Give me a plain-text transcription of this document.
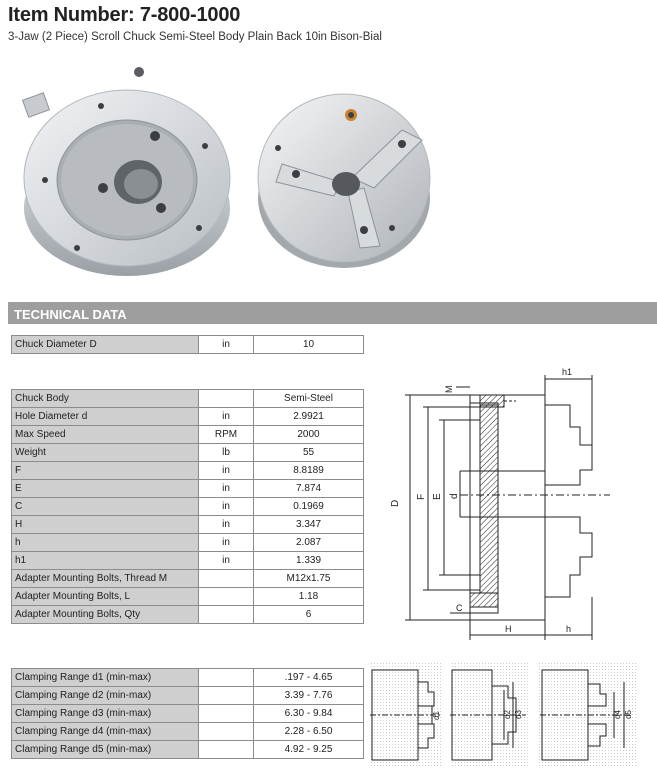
Item Number: 7-800-1000
3-Jaw (2 Piece) Scroll Chuck Semi-Steel Body Plain Back 10in Bison-Bial
TECHNICAL DATA
Chuck Diameter D	in	10
Chuck Body		Semi-Steel
Hole Diameter d	in	2.9921
Max Speed	RPM	2000
Weight	lb	55
F	in	8.8189
E	in	7.874
C	in	0.1969
H	in	3.347
h	in	2.087
h1	in	1.339
Adapter Mounting Bolts, Thread M		M12x1.75
Adapter Mounting Bolts, L		1.18
Adapter Mounting Bolts, Qty		6
Clamping Range d1 (min-max)		.197 - 4.65
Clamping Range d2 (min-max)		3.39 - 7.76
Clamping Range d3 (min-max)		6.30 - 9.84
Clamping Range d4 (min-max)		2.28 - 6.50
Clamping Range d5 (min-max)		4.92 - 9.25
D
F E d
M
h1
C
H	h
d1	d2 d3	d4 d5
